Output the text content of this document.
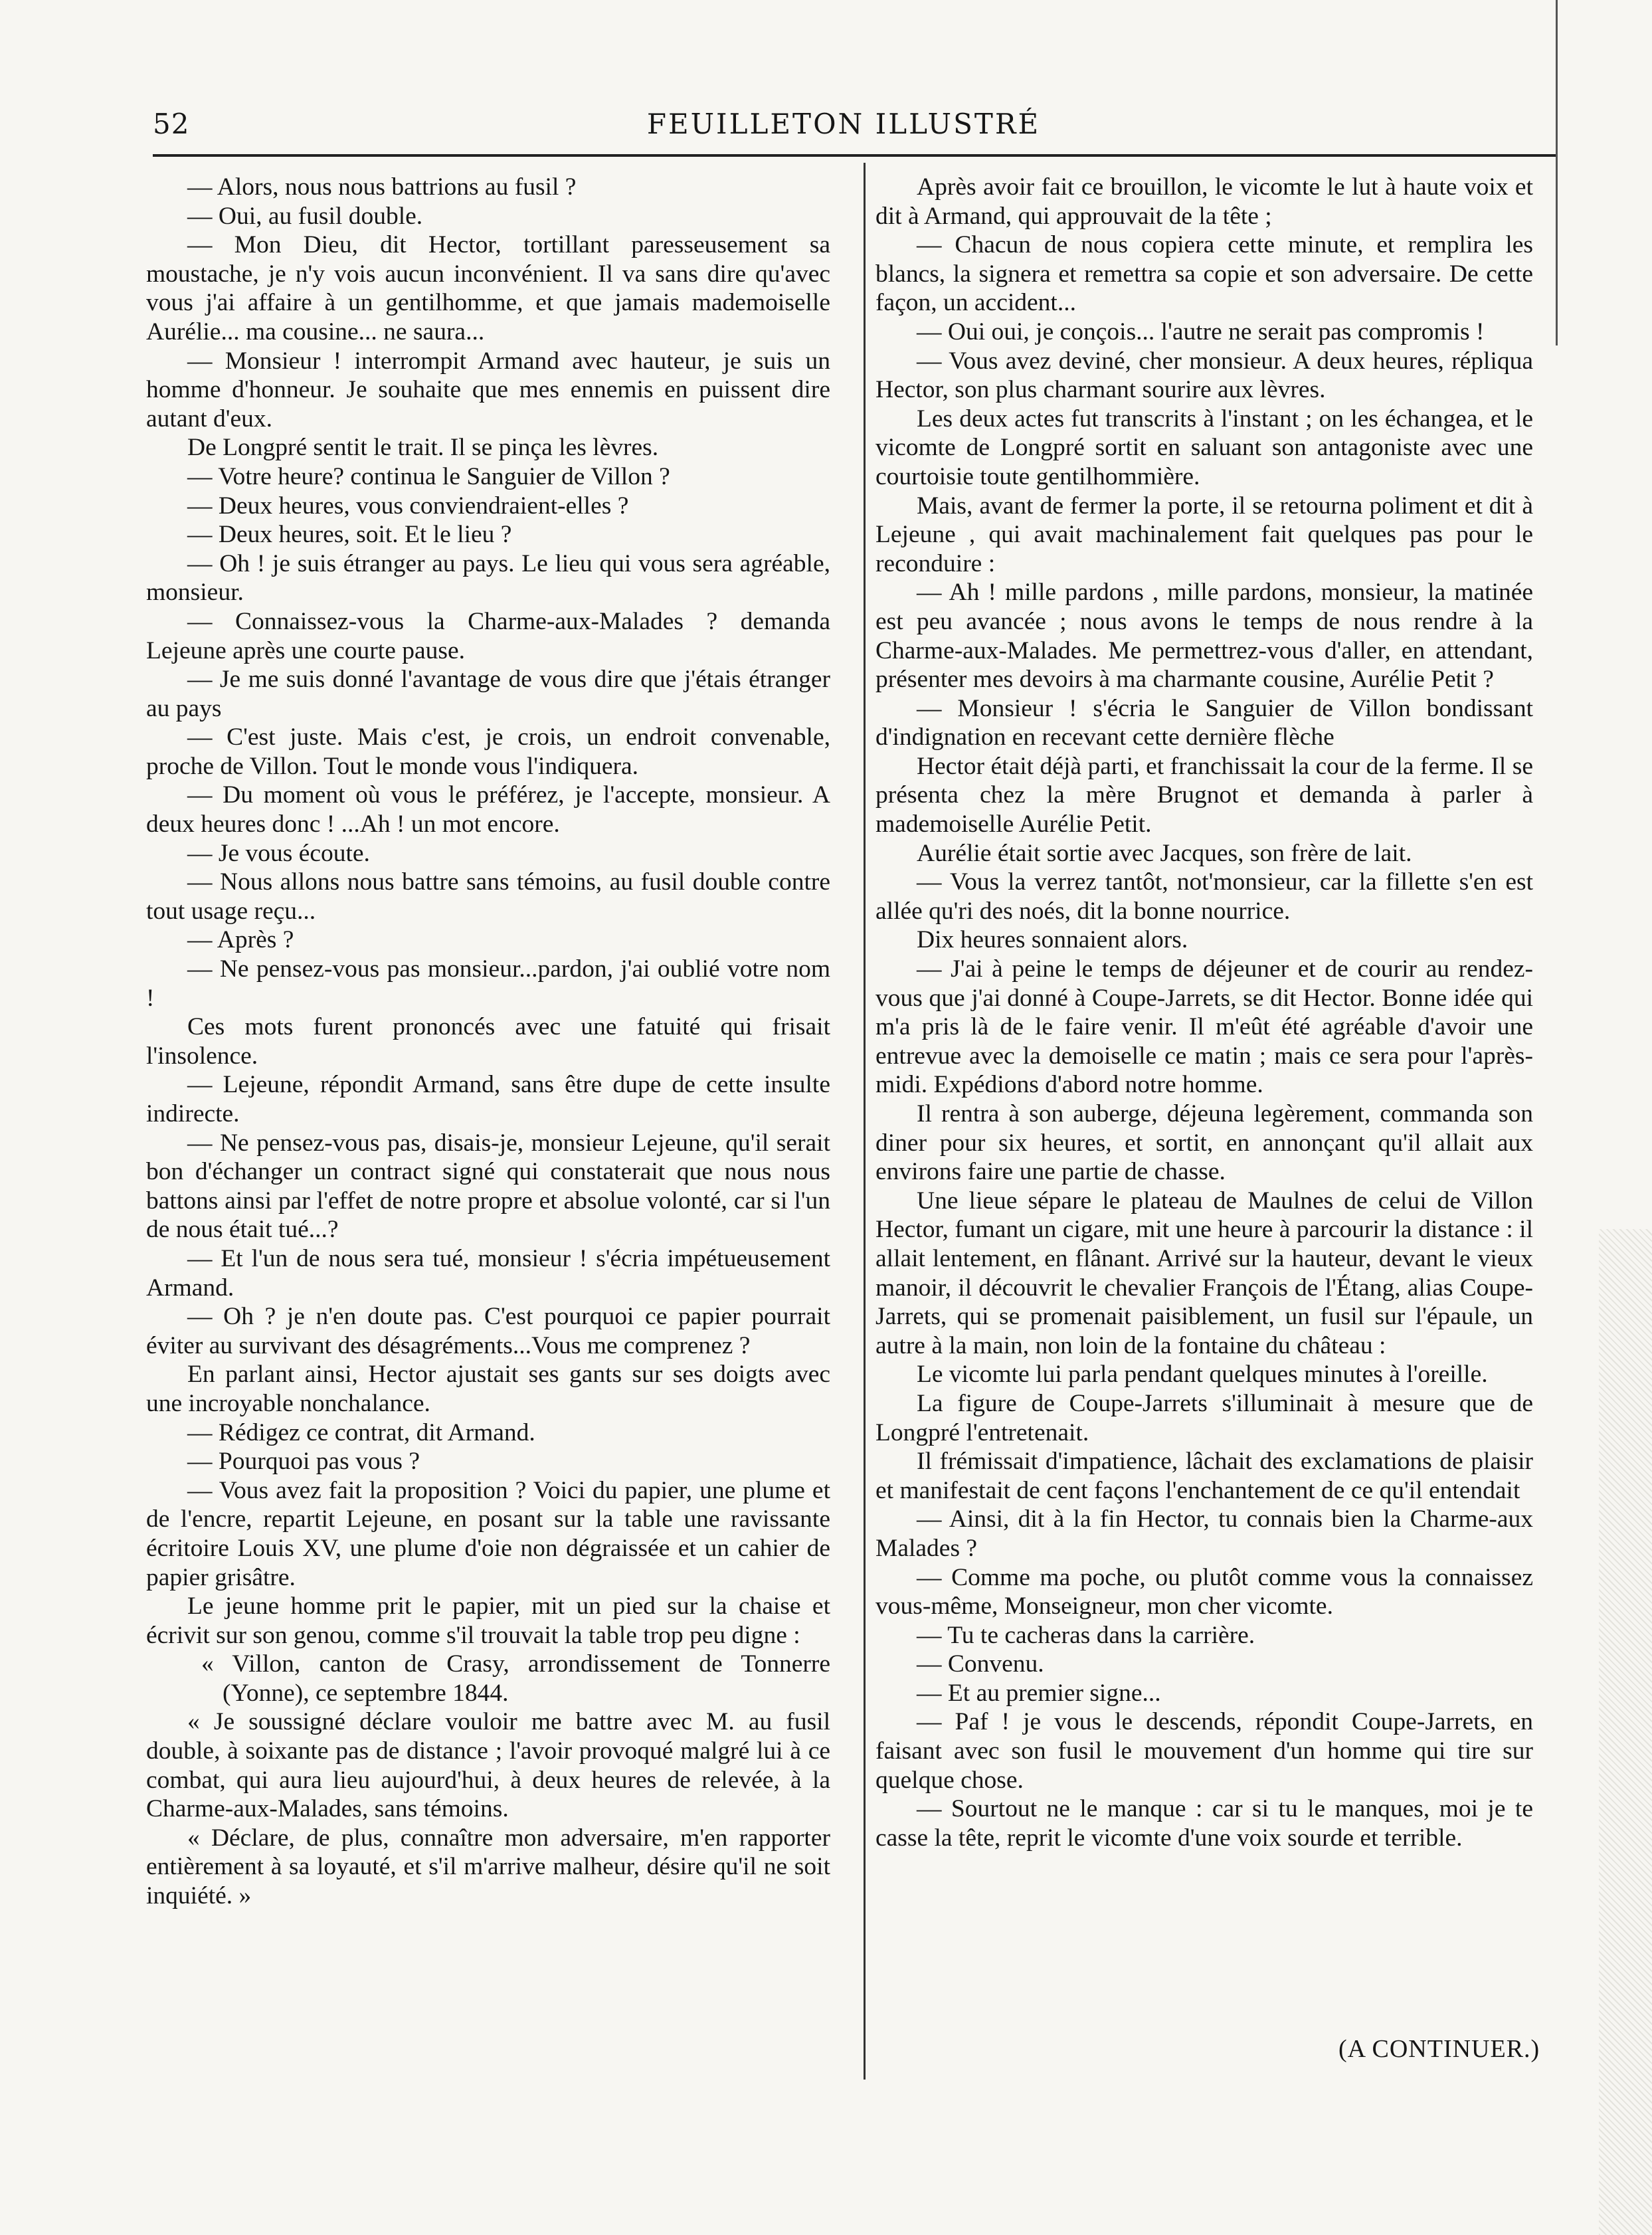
52	FEUILLETON ILLUSTRÉ

— Alors, nous nous battrions au fusil ?

— Oui, au fusil double.

— Mon Dieu, dit Hector, tortillant paresseusement sa moustache, je n'y vois aucun inconvénient. Il va sans dire qu'avec vous j'ai affaire à un gentilhomme, et que jamais mademoiselle Aurélie... ma cousine... ne saura...

— Monsieur ! interrompit Armand avec hauteur, je suis un homme d'honneur. Je souhaite que mes ennemis en puissent dire autant d'eux.

De Longpré sentit le trait. Il se pinça les lèvres.

— Votre heure? continua le Sanguier de Villon ?

— Deux heures, vous conviendraient-elles ?

— Deux heures, soit. Et le lieu ?

— Oh ! je suis étranger au pays. Le lieu qui vous sera agréable, monsieur.

— Connaissez-vous la Charme-aux-Malades ? demanda Lejeune après une courte pause.

— Je me suis donné l'avantage de vous dire que j'étais étranger au pays

— C'est juste. Mais c'est, je crois, un endroit convenable, proche de Villon. Tout le monde vous l'indiquera.

— Du moment où vous le préférez, je l'accepte, monsieur. A deux heures donc ! ...Ah ! un mot encore.

— Je vous écoute.

— Nous allons nous battre sans témoins, au fusil double contre tout usage reçu...

— Après ?

— Ne pensez-vous pas monsieur...pardon, j'ai oublié votre nom !

Ces mots furent prononcés avec une fatuité qui frisait l'insolence.

— Lejeune, répondit Armand, sans être dupe de cette insulte indirecte.

— Ne pensez-vous pas, disais-je, monsieur Lejeune, qu'il serait bon d'échanger un contract signé qui constaterait que nous nous battons ainsi par l'effet de notre propre et absolue volonté, car si l'un de nous était tué...?

— Et l'un de nous sera tué, monsieur ! s'écria impétueusement Armand.

— Oh ? je n'en doute pas. C'est pourquoi ce papier pourrait éviter au survivant des désagréments...Vous me comprenez ?

En parlant ainsi, Hector ajustait ses gants sur ses doigts avec une incroyable nonchalance.

— Rédigez ce contrat, dit Armand.

— Pourquoi pas vous ?

— Vous avez fait la proposition ? Voici du papier, une plume et de l'encre, repartit Lejeune, en posant sur la table une ravissante écritoire Louis XV, une plume d'oie non dégraissée et un cahier de papier grisâtre.

Le jeune homme prit le papier, mit un pied sur la chaise et écrivit sur son genou, comme s'il trouvait la table trop peu digne :

« Villon, canton de Crasy, arrondissement de Tonnerre (Yonne), ce septembre 1844.

« Je soussigné déclare vouloir me battre avec M. au fusil double, à soixante pas de distance ; l'avoir provoqué malgré lui à ce combat, qui aura lieu aujourd'hui, à deux heures de relevée, à la Charme-aux-Malades, sans témoins.

« Déclare, de plus, connaître mon adversaire, m'en rapporter entièrement à sa loyauté, et s'il m'arrive malheur, désire qu'il ne soit inquiété. »

Après avoir fait ce brouillon, le vicomte le lut à haute voix et dit à Armand, qui approuvait de la tête ;

— Chacun de nous copiera cette minute, et remplira les blancs, la signera et remettra sa copie et son adversaire. De cette façon, un accident...

— Oui oui, je conçois... l'autre ne serait pas compromis !

— Vous avez deviné, cher monsieur. A deux heures, répliqua Hector, son plus charmant sourire aux lèvres.

Les deux actes fut transcrits à l'instant ; on les échangea, et le vicomte de Longpré sortit en saluant son antagoniste avec une courtoisie toute gentilhommière.

Mais, avant de fermer la porte, il se retourna poliment et dit à Lejeune , qui avait machinalement fait quelques pas pour le reconduire :

— Ah ! mille pardons , mille pardons, monsieur, la matinée est peu avancée ; nous avons le temps de nous rendre à la Charme-aux-Malades. Me permettrez-vous d'aller, en attendant, présenter mes devoirs à ma charmante cousine, Aurélie Petit ?

— Monsieur ! s'écria le Sanguier de Villon bondissant d'indignation en recevant cette dernière flèche

Hector était déjà parti, et franchissait la cour de la ferme. Il se présenta chez la mère Brugnot et demanda à parler à mademoiselle Aurélie Petit.

Aurélie était sortie avec Jacques, son frère de lait.

— Vous la verrez tantôt, not'monsieur, car la fillette s'en est allée qu'ri des noés, dit la bonne nourrice.

Dix heures sonnaient alors.

— J'ai à peine le temps de déjeuner et de courir au rendez-vous que j'ai donné à Coupe-Jarrets, se dit Hector. Bonne idée qui m'a pris là de le faire venir. Il m'eût été agréable d'avoir une entrevue avec la demoiselle ce matin ; mais ce sera pour l'après-midi. Expédions d'abord notre homme.

Il rentra à son auberge, déjeuna legèrement, commanda son diner pour six heures, et sortit, en annonçant qu'il allait aux environs faire une partie de chasse.

Une lieue sépare le plateau de Maulnes de celui de Villon Hector, fumant un cigare, mit une heure à parcourir la distance : il allait lentement, en flânant. Arrivé sur la hauteur, devant le vieux manoir, il découvrit le chevalier François de l'Étang, alias Coupe-Jarrets, qui se promenait paisiblement, un fusil sur l'épaule, un autre à la main, non loin de la fontaine du château :

Le vicomte lui parla pendant quelques minutes à l'oreille.

La figure de Coupe-Jarrets s'illuminait à mesure que de Longpré l'entretenait.

Il frémissait d'impatience, lâchait des exclamations de plaisir et manifestait de cent façons l'enchantement de ce qu'il entendait

— Ainsi, dit à la fin Hector, tu connais bien la Charme-aux Malades ?

— Comme ma poche, ou plutôt comme vous la connaissez vous-même, Monseigneur, mon cher vicomte.

— Tu te cacheras dans la carrière.

— Convenu.

— Et au premier signe...

— Paf ! je vous le descends, répondit Coupe-Jarrets, en faisant avec son fusil le mouvement d'un homme qui tire sur quelque chose.

— Sourtout ne le manque : car si tu le manques, moi je te casse la tête, reprit le vicomte d'une voix sourde et terrible.

(A CONTINUER.)
